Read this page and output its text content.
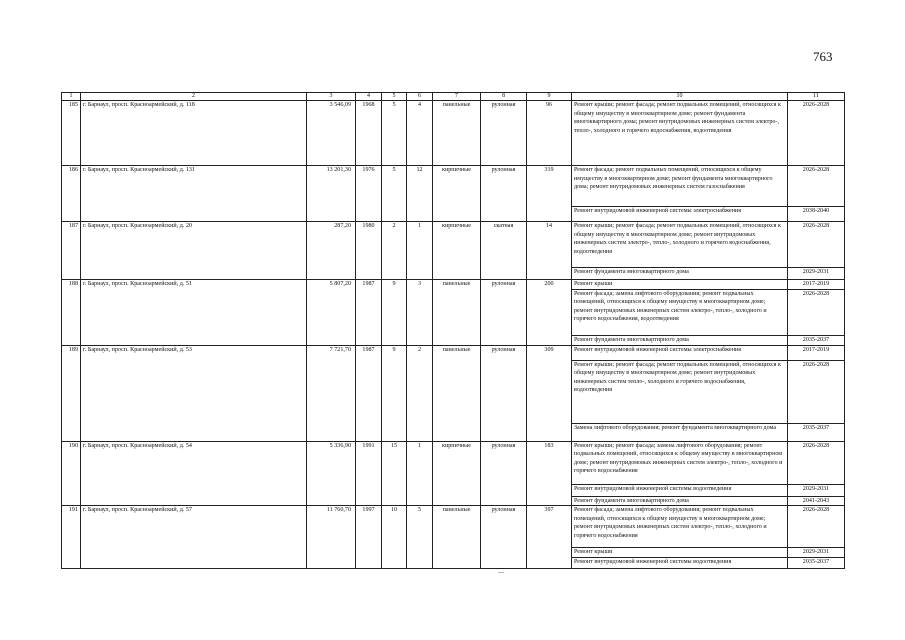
763
1	2	3	4	5	6	7	8	9	10	11
185	г. Барнаул, просп. Красноармейский, д. 118	3 546,09	1968	5	4	панельные	рулонная	96	Ремонт крыши; ремонт фасада; ремонт подвальных помещений, относящихся к общему имуществу в многоквартирном доме; ремонт фундамента многоквартирного дома; ремонт внутридомовых инженерных систем электро-, тепло-, холодного и горячего водоснабжения, водоотведения	2026-2028
186	г. Барнаул, просп. Красноармейский, д. 131	13 201,30	1976	5	12	кирпичные	рулонная	319	Ремонт фасада; ремонт подвальных помещений, относящихся к общему имуществу в многоквартирном доме; ремонт фундамента многоквартирного дома; ремонт внутридомовых инженерных систем газоснабжения	2026-2028
									Ремонт внутридомовой инженерной системы электроснабжения	2038-2040
187	г. Барнаул, просп. Красноармейский, д. 20	287,20	1980	2	1	кирпичные	скатная	14	Ремонт крыши; ремонт фасада; ремонт подвальных помещений, относящихся к общему имуществу в многоквартирном доме; ремонт внутридомовых инженерных систем электро-, тепло-, холодного и горячего водоснабжения, водоотведения	2026-2028
									Ремонт фундамента многоквартирного дома	2029-2031
188	г. Барнаул, просп. Красноармейский, д. 51	5 807,20	1987	9	3	панельные	рулонная	200	Ремонт крыши	2017-2019
									Ремонт фасада; замена лифтового оборудования; ремонт подвальных помещений, относящихся к общему имуществу в многоквартирном доме; ремонт внутридомовых инженерных систем электро-, тепло-, холодного и горячего водоснабжения, водоотведения	2026-2028
									Ремонт фундамента многоквартирного дома	2035-2037
189	г. Барнаул, просп. Красноармейский, д. 53	7 721,70	1987	9	2	панельные	рулонная	309	Ремонт внутридомовой инженерной системы электроснабжения	2017-2019
									Ремонт крыши; ремонт фасада; ремонт подвальных помещений, относящихся к общему имуществу в многоквартирном доме; ремонт внутридомовых инженерных систем тепло-, холодного и горячего водоснабжения, водоотведения	2026-2028
									Замена лифтового оборудования; ремонт фундамента многоквартирного дома	2035-2037
190	г. Барнаул, просп. Красноармейский, д. 54	5 336,90	1991	15	1	кирпичные	рулонная	183	Ремонт крыши; ремонт фасада; замена лифтового оборудования; ремонт подвальных помещений, относящихся к общему имуществу в многоквартирном доме; ремонт внутридомовых инженерных систем электро-, тепло-, холодного и горячего водоснабжения	2026-2028
									Ремонт внутридомовой инженерной системы водоотведения	2029-2031
									Ремонт фундамента многоквартирного дома	2041-2043
191	г. Барнаул, просп. Красноармейский, д. 57	11 760,70	1997	10	5	панельные	рулонная	397	Ремонт фасада; замена лифтового оборудования; ремонт подвальных помещений, относящихся к общему имуществу в многоквартирном доме; ремонт внутридомовых инженерных систем электро-, тепло-, холодного и горячего водоснабжения	2026-2028
									Ремонт крыши	2029-2031
									Ремонт внутридомовой инженерной системы водоотведения	2035-2037
